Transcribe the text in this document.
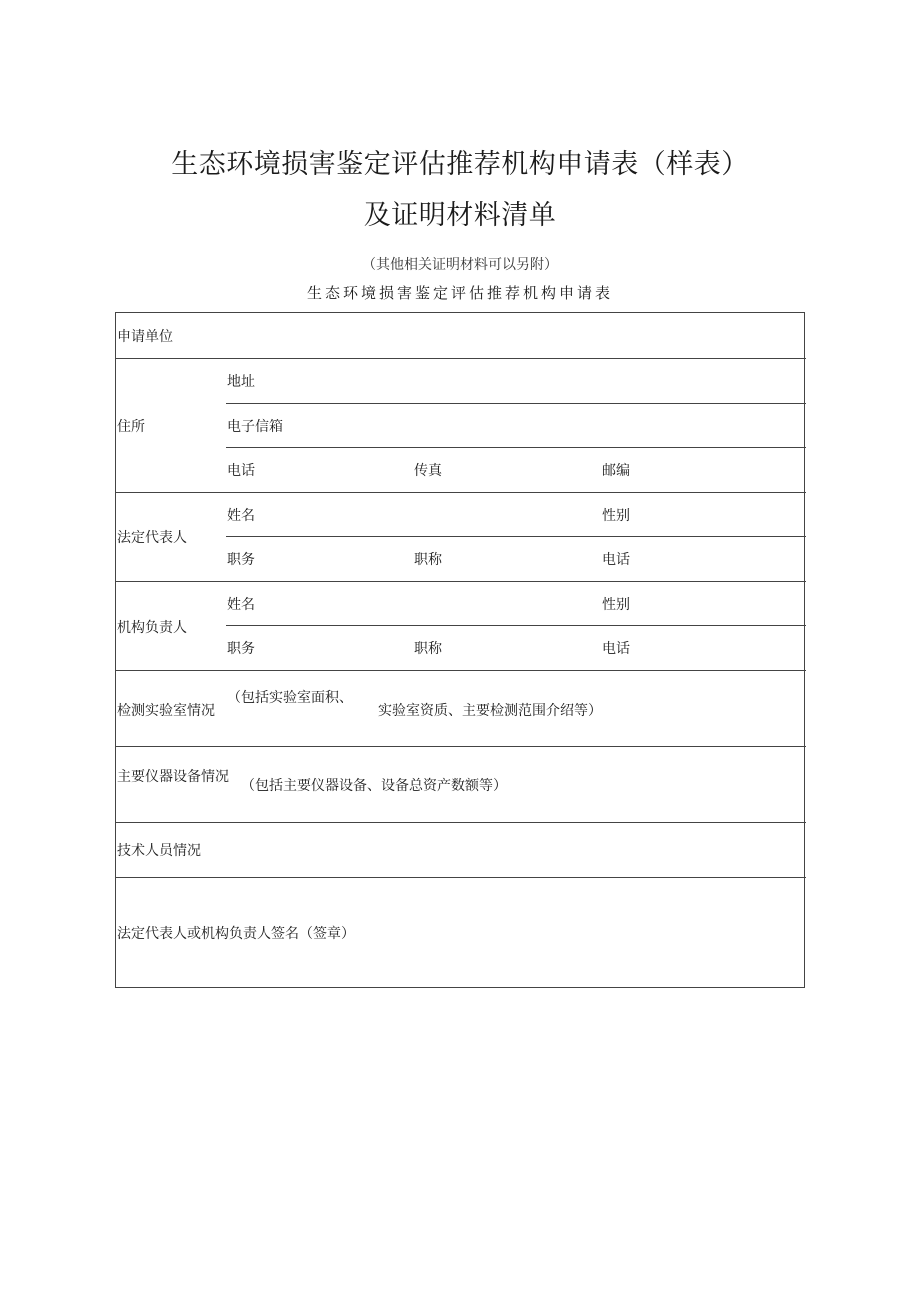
生态环境损害鉴定评估推荐机构申请表（样表）
及证明材料清单
（其他相关证明材料可以另附）
生态环境损害鉴定评估推荐机构申请表
申请单位
住所
地址
电子信箱
电话	传真	邮编
法定代表人
姓名	性别
职务	职称	电话
机构负责人
姓名	性别
职务	职称	电话
检测实验室情况
（包括实验室面积、
实验室资质、主要检测范围介绍等）
主要仪器设备情况
（包括主要仪器设备、设备总资产数额等）
技术人员情况
法定代表人或机构负责人签名（签章）
